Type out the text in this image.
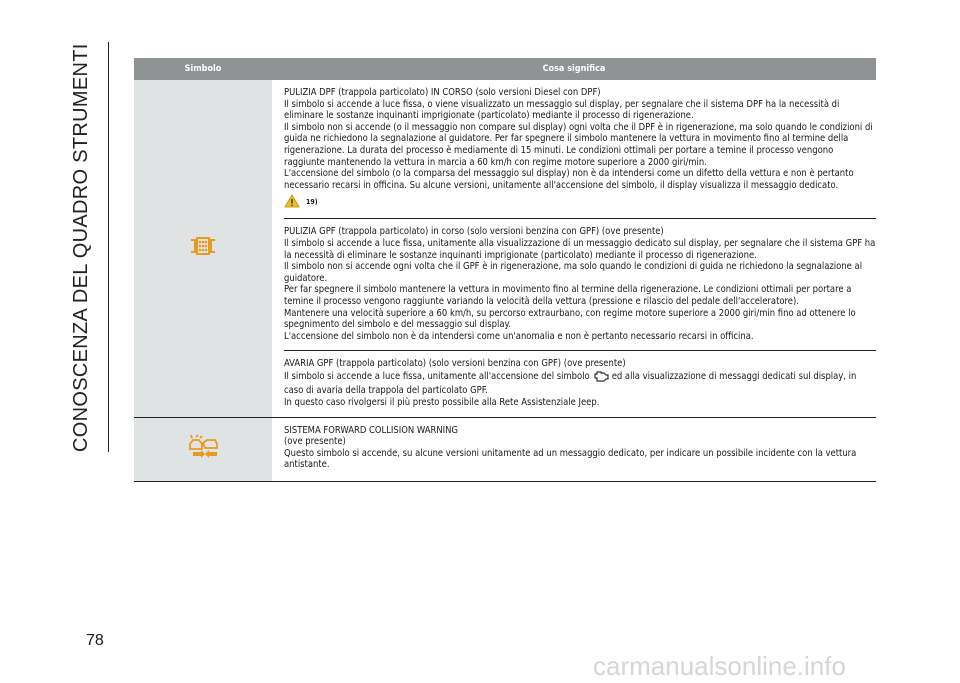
CONOSCENZA DEL QUADRO STRUMENTI	Simbolo	Cosa significa

PULIZIA DPF (trappola particolato) IN CORSO (solo versioni Diesel con DPF)

Il simbolo si accende a luce fissa, o viene visualizzato un messaggio sul display, per segnalare che il sistema DPF ha la necessità di eliminare le sostanze inquinanti imprigionate (particolato) mediante il processo di rigenerazione.

Il simbolo non si accende (o il messaggio non compare sul display) ogni volta che il DPF è in rigenerazione, ma solo quando le condizioni di guida ne richiedono la segnalazione al guidatore. Per far spegnere il simbolo mantenere la vettura in movimento fino al termine della rigenerazione. La durata del processo è mediamente di 15 minuti. Le condizioni ottimali per portare a temine il processo vengono raggiunte mantenendo la vettura in marcia a 60 km/h con regime motore superiore a 2000 giri/min.

L'accensione del simbolo (o la comparsa del messaggio sul display) non è da intendersi come un difetto della vettura e non è pertanto necessario recarsi in officina. Su alcune versioni, unitamente all'accensione del simbolo, il display visualizza il messaggio dedicato.

19)

PULIZIA GPF (trappola particolato) in corso (solo versioni benzina con GPF) (ove presente)

Il simbolo si accende a luce fissa, unitamente alla visualizzazione di un messaggio dedicato sul display, per segnalare che il sistema GPF ha la necessità di eliminare le sostanze inquinanti imprigionate (particolato) mediante il processo di rigenerazione.

Il simbolo non si accende ogni volta che il GPF è in rigenerazione, ma solo quando le condizioni di guida ne richiedono la segnalazione al guidatore.

Per far spegnere il simbolo mantenere la vettura in movimento fino al termine della rigenerazione. Le condizioni ottimali per portare a temine il processo vengono raggiunte variando la velocità della vettura (pressione e rilascio del pedale dell'acceleratore).

Mantenere una velocità superiore a 60 km/h, su percorso extraurbano, con regime motore superiore a 2000 giri/min fino ad ottenere lo spegnimento del simbolo e del messaggio sul display.

L'accensione del simbolo non è da intendersi come un'anomalia e non è pertanto necessario recarsi in officina.

AVARIA GPF (trappola particolato) (solo versioni benzina con GPF) (ove presente)

Il simbolo si accende a luce fissa, unitamente all'accensione del simbolo ed alla visualizzazione di messaggi dedicati sul display, in caso di avaria della trappola del particolato GPF.

In questo caso rivolgersi il più presto possibile alla Rete Assistenziale Jeep.

SISTEMA FORWARD COLLISION WARNING

(ove presente)

Questo simbolo si accende, su alcune versioni unitamente ad un messaggio dedicato, per indicare un possibile incidente con la vettura antistante.

78
carmanualsonline.info
